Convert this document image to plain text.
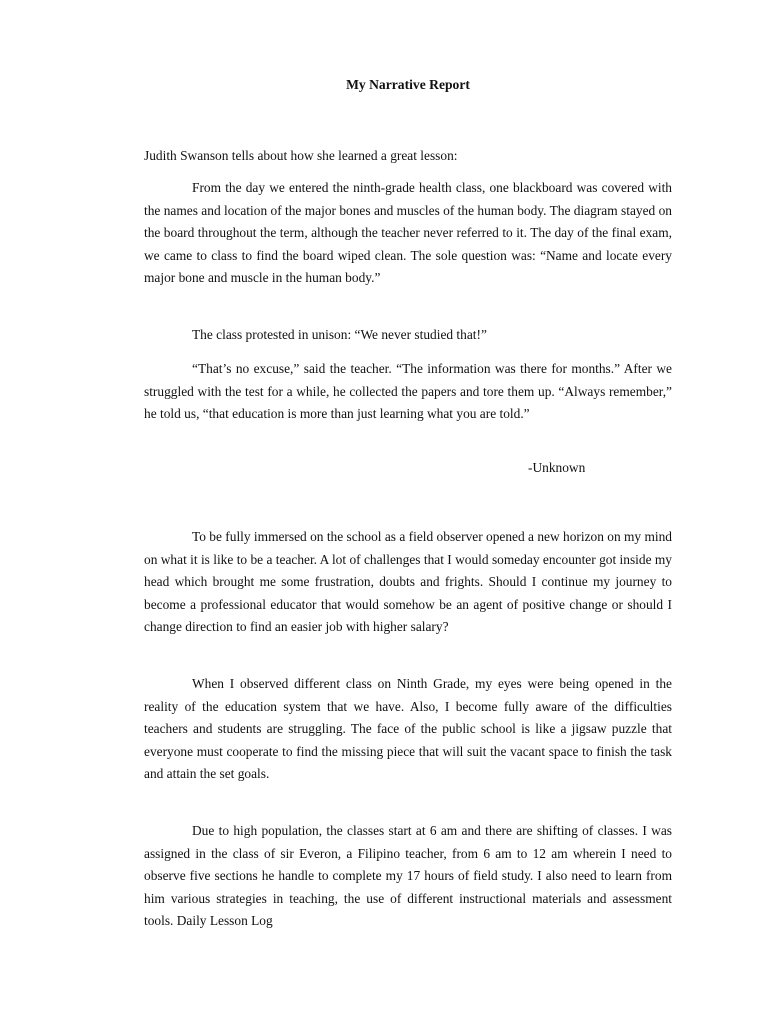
My Narrative Report

Judith Swanson tells about how she learned a great lesson:

From the day we entered the ninth-grade health class, one blackboard was covered with the names and location of the major bones and muscles of the human body. The diagram stayed on the board throughout the term, although the teacher never referred to it. The day of the final exam, we came to class to find the board wiped clean. The sole question was: “Name and locate every major bone and muscle in the human body.”

The class protested in unison: “We never studied that!”

“That’s no excuse,” said the teacher. “The information was there for months.” After we struggled with the test for a while, he collected the papers and tore them up. “Always remember,” he told us, “that education is more than just learning what you are told.”

-Unknown

To be fully immersed on the school as a field observer opened a new horizon on my mind on what it is like to be a teacher. A lot of challenges that I would someday encounter got inside my head which brought me some frustration, doubts and frights. Should I continue my journey to become a professional educator that would somehow be an agent of positive change or should I change direction to find an easier job with higher salary?

When I observed different class on Ninth Grade, my eyes were being opened in the reality of the education system that we have. Also, I become fully aware of the difficulties teachers and students are struggling. The face of the public school is like a jigsaw puzzle that everyone must cooperate to find the missing piece that will suit the vacant space to finish the task and attain the set goals.

Due to high population, the classes start at 6 am and there are shifting of classes. I was assigned in the class of sir Everon, a Filipino teacher, from 6 am to 12 am wherein I need to observe five sections he handle to complete my 17 hours of field study. I also need to learn from him various strategies in teaching, the use of different instructional materials and assessment tools. Daily Lesson Log
